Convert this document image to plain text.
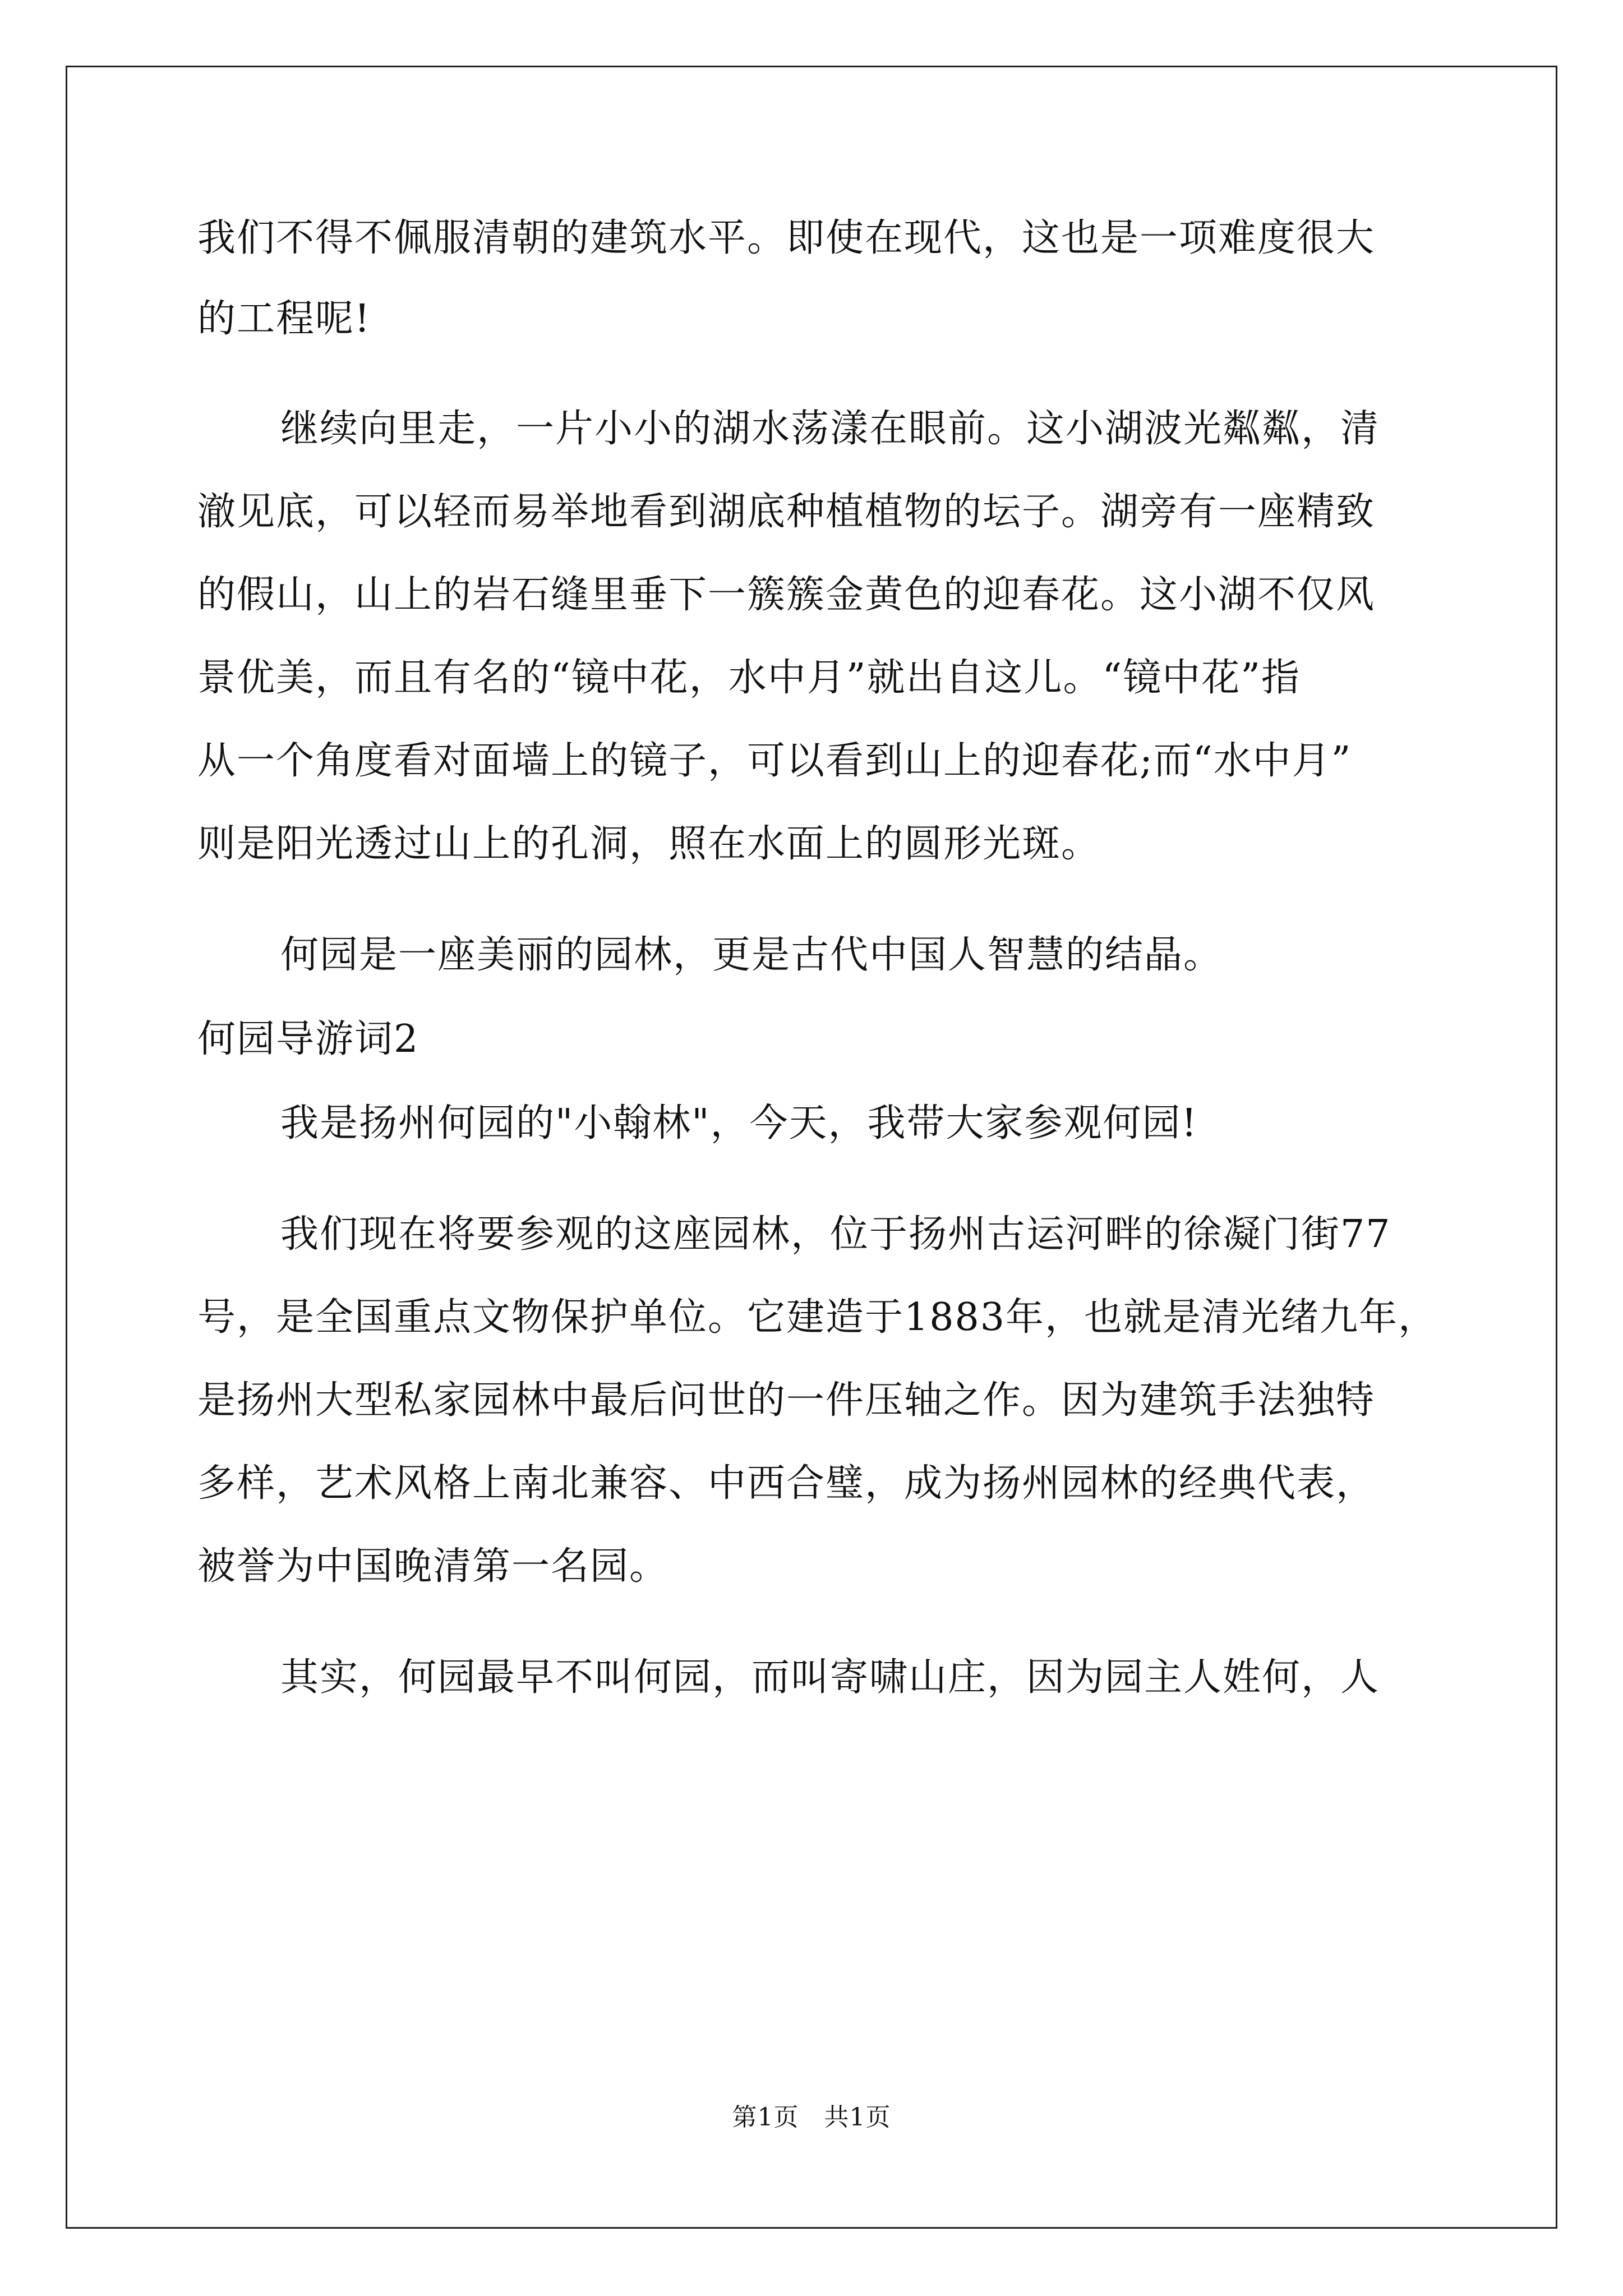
我们不得不佩服清朝的建筑水平。即使在现代，这也是一项难度很大
的工程呢!
继续向里走，一片小小的湖水荡漾在眼前。这小湖波光粼粼，清
澈见底，可以轻而易举地看到湖底种植植物的坛子。湖旁有一座精致
的假山，山上的岩石缝里垂下一簇簇金黄色的迎春花。这小湖不仅风
景优美，而且有名的“镜中花，水中月”就出自这儿。“镜中花”指
从一个角度看对面墙上的镜子，可以看到山上的迎春花;而“水中月”
则是阳光透过山上的孔洞，照在水面上的圆形光斑。
何园是一座美丽的园林，更是古代中国人智慧的结晶。
何园导游词2
我是扬州何园的"小翰林"，今天，我带大家参观何园!
我们现在将要参观的这座园林，位于扬州古运河畔的徐凝门街77
号，是全国重点文物保护单位。它建造于1883年，也就是清光绪九年，
是扬州大型私家园林中最后问世的一件压轴之作。因为建筑手法独特
多样，艺术风格上南北兼容、中西合璧，成为扬州园林的经典代表，
被誉为中国晚清第一名园。
其实，何园最早不叫何园，而叫寄啸山庄，因为园主人姓何，人
第1页　共1页
